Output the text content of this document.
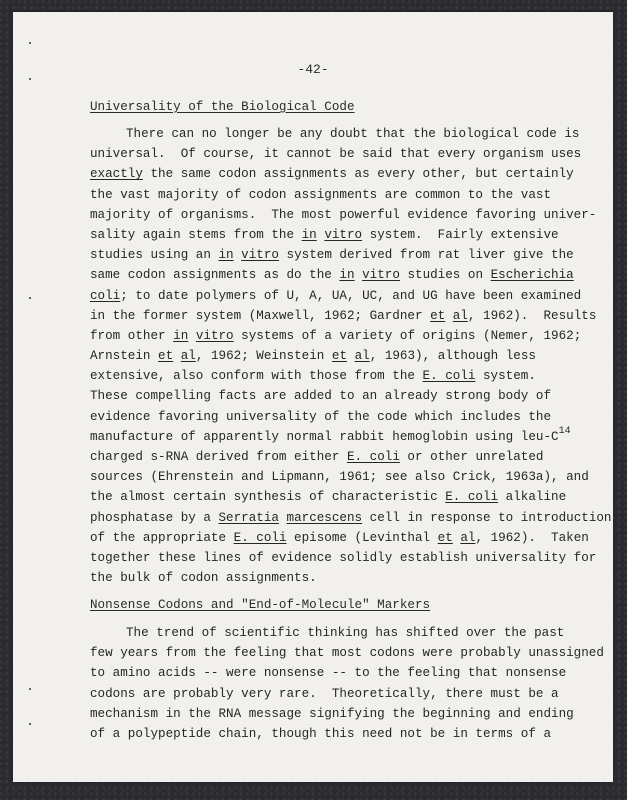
-42-
Universality of the Biological Code
There can no longer be any doubt that the biological code is
universal.  Of course, it cannot be said that every organism uses
exactly the same codon assignments as every other, but certainly
the vast majority of codon assignments are common to the vast
majority of organisms.  The most powerful evidence favoring univer-
sality again stems from the in vitro system.  Fairly extensive
studies using an in vitro system derived from rat liver give the
same codon assignments as do the in vitro studies on Escherichia
coli; to date polymers of U, A, UA, UC, and UG have been examined
in the former system (Maxwell, 1962; Gardner et al, 1962).  Results
from other in vitro systems of a variety of origins (Nemer, 1962;
Arnstein et al, 1962; Weinstein et al, 1963), although less
extensive, also conform with those from the E. coli system.
These compelling facts are added to an already strong body of
evidence favoring universality of the code which includes the
manufacture of apparently normal rabbit hemoglobin using leu-$C^{14}$
charged s-RNA derived from either E. coli or other unrelated
sources (Ehrenstein and Lipmann, 1961; see also Crick, 1963a), and
the almost certain synthesis of characteristic E. coli alkaline
phosphatase by a Serratia marcescens cell in response to introduction
of the appropriate E. coli episome (Levinthal et al, 1962).  Taken
together these lines of evidence solidly establish universality for
the bulk of codon assignments.
Nonsense Codons and "End-of-Molecule" Markers
The trend of scientific thinking has shifted over the past
few years from the feeling that most codons were probably unassigned
to amino acids -- were nonsense -- to the feeling that nonsense
codons are probably very rare.  Theoretically, there must be a
mechanism in the RNA message signifying the beginning and ending
of a polypeptide chain, though this need not be in terms of a
